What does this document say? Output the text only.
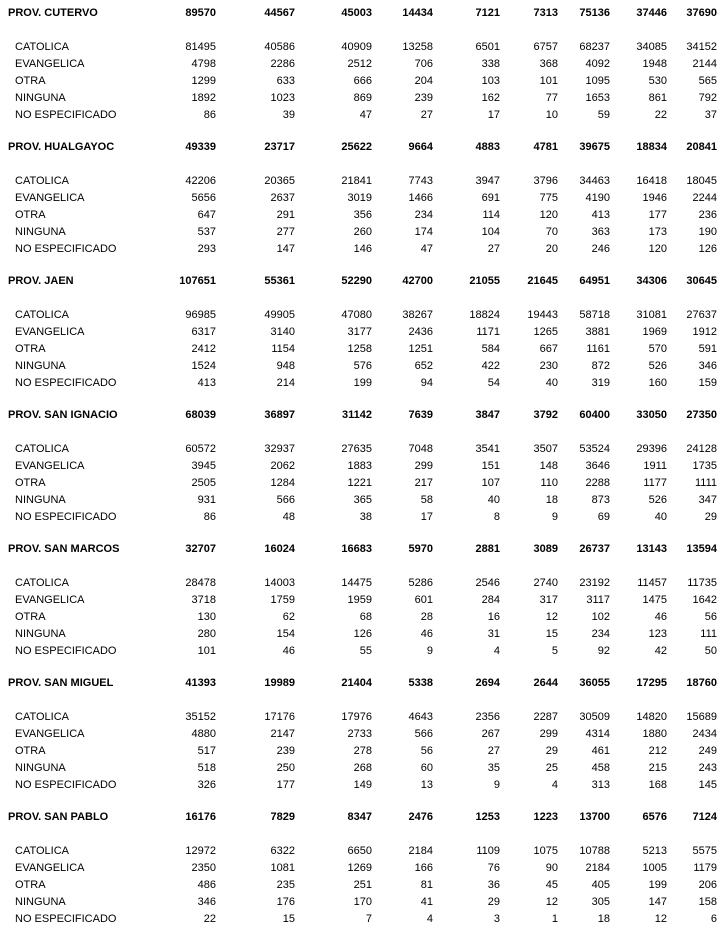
PROV. CUTERVO	89570	44567	45003	14434	7121	7313	75136	37446	37690
CATOLICA	81495	40586	40909	13258	6501	6757	68237	34085	34152
EVANGELICA	4798	2286	2512	706	338	368	4092	1948	2144
OTRA	1299	633	666	204	103	101	1095	530	565
NINGUNA	1892	1023	869	239	162	77	1653	861	792
NO ESPECIFICADO	86	39	47	27	17	10	59	22	37
PROV. HUALGAYOC	49339	23717	25622	9664	4883	4781	39675	18834	20841
CATOLICA	42206	20365	21841	7743	3947	3796	34463	16418	18045
EVANGELICA	5656	2637	3019	1466	691	775	4190	1946	2244
OTRA	647	291	356	234	114	120	413	177	236
NINGUNA	537	277	260	174	104	70	363	173	190
NO ESPECIFICADO	293	147	146	47	27	20	246	120	126
PROV. JAEN	107651	55361	52290	42700	21055	21645	64951	34306	30645
CATOLICA	96985	49905	47080	38267	18824	19443	58718	31081	27637
EVANGELICA	6317	3140	3177	2436	1171	1265	3881	1969	1912
OTRA	2412	1154	1258	1251	584	667	1161	570	591
NINGUNA	1524	948	576	652	422	230	872	526	346
NO ESPECIFICADO	413	214	199	94	54	40	319	160	159
PROV. SAN IGNACIO	68039	36897	31142	7639	3847	3792	60400	33050	27350
CATOLICA	60572	32937	27635	7048	3541	3507	53524	29396	24128
EVANGELICA	3945	2062	1883	299	151	148	3646	1911	1735
OTRA	2505	1284	1221	217	107	110	2288	1177	1111
NINGUNA	931	566	365	58	40	18	873	526	347
NO ESPECIFICADO	86	48	38	17	8	9	69	40	29
PROV. SAN MARCOS	32707	16024	16683	5970	2881	3089	26737	13143	13594
CATOLICA	28478	14003	14475	5286	2546	2740	23192	11457	11735
EVANGELICA	3718	1759	1959	601	284	317	3117	1475	1642
OTRA	130	62	68	28	16	12	102	46	56
NINGUNA	280	154	126	46	31	15	234	123	111
NO ESPECIFICADO	101	46	55	9	4	5	92	42	50
PROV. SAN MIGUEL	41393	19989	21404	5338	2694	2644	36055	17295	18760
CATOLICA	35152	17176	17976	4643	2356	2287	30509	14820	15689
EVANGELICA	4880	2147	2733	566	267	299	4314	1880	2434
OTRA	517	239	278	56	27	29	461	212	249
NINGUNA	518	250	268	60	35	25	458	215	243
NO ESPECIFICADO	326	177	149	13	9	4	313	168	145
PROV. SAN PABLO	16176	7829	8347	2476	1253	1223	13700	6576	7124
CATOLICA	12972	6322	6650	2184	1109	1075	10788	5213	5575
EVANGELICA	2350	1081	1269	166	76	90	2184	1005	1179
OTRA	486	235	251	81	36	45	405	199	206
NINGUNA	346	176	170	41	29	12	305	147	158
NO ESPECIFICADO	22	15	7	4	3	1	18	12	6
